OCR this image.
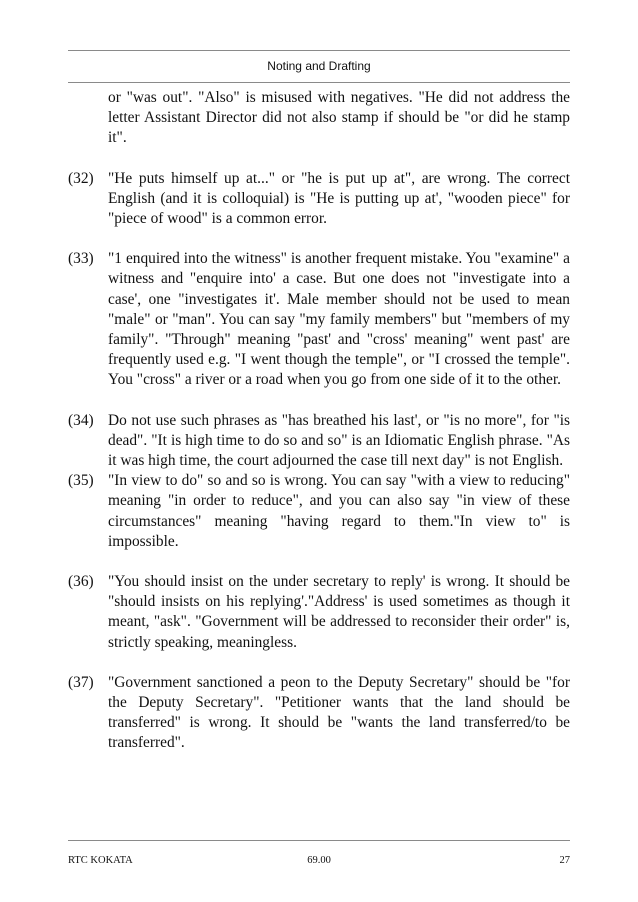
Noting and Drafting
or "was out". "Also" is misused with negatives. "He did not address the letter Assistant Director did not also stamp if should be "or did he stamp it".
(32) "He puts himself up at..." or "he is put up at", are wrong. The correct English (and it is colloquial) is "He is putting up at', "wooden piece" for "piece of wood" is a common error.
(33) "1 enquired into the witness" is another frequent mistake. You "examine" a witness and "enquire into' a case. But one does not "investigate into a case', one "investigates it'. Male member should not be used to mean "male" or "man". You can say "my family members" but "members of my family". "Through" meaning "past' and "cross' meaning" went past' are frequently used e.g. "I went though the temple", or "I crossed the temple". You "cross" a river or a road when you go from one side of it to the other.
(34) Do not use such phrases as "has breathed his last', or "is no more", for "is dead". "It is high time to do so and so" is an Idiomatic English phrase. "As it was high time, the court adjourned the case till next day" is not English.
(35) "In view to do" so and so is wrong. You can say "with a view to reducing" meaning "in order to reduce", and you can also say "in view of these circumstances" meaning "having regard to them."In view to" is impossible.
(36) "You should insist on the under secretary to reply' is wrong. It should be "should insists on his replying'."Address' is used sometimes as though it meant, "ask". "Government will be addressed to reconsider their order" is, strictly speaking, meaningless.
(37) "Government sanctioned a peon to the Deputy Secretary" should be "for the Deputy Secretary". "Petitioner wants that the land should be transferred" is wrong. It should be "wants the land transferred/to be transferred".
RTC KOKATA	69.00	27
